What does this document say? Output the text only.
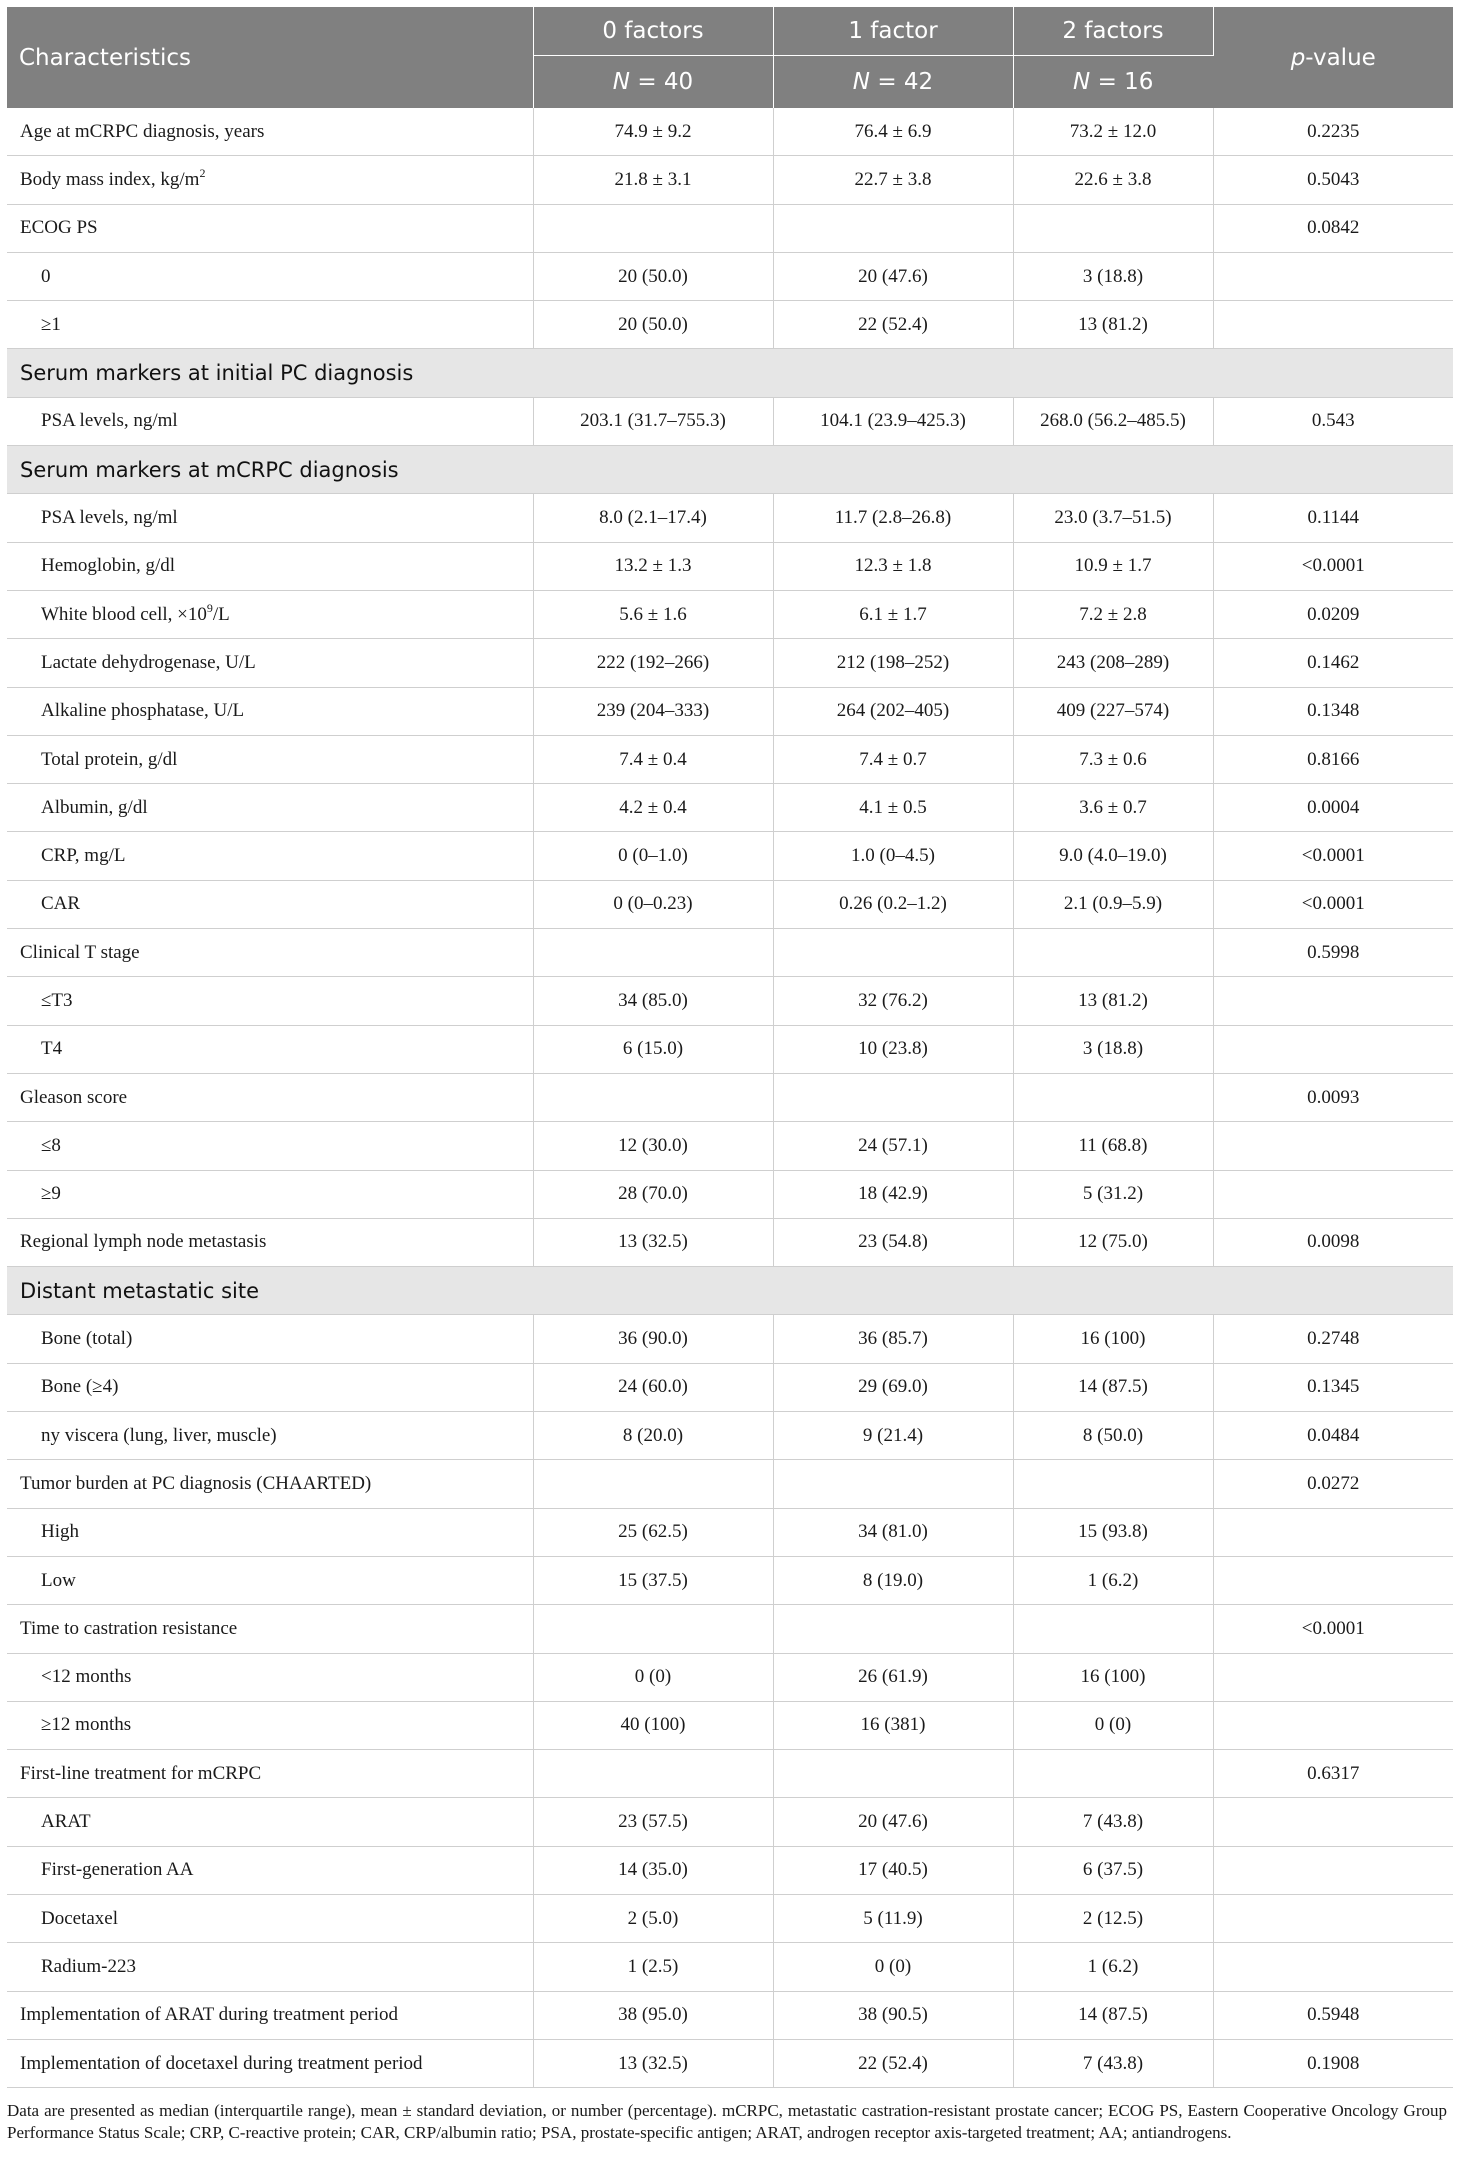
Characteristics	0 factors	1 factor	2 factors	p-value
	N = 40	N = 42	N = 16	
Age at mCRPC diagnosis, years	74.9 ± 9.2	76.4 ± 6.9	73.2 ± 12.0	0.2235
Body mass index, $kg/m^2$	21.8 ± 3.1	22.7 ± 3.8	22.6 ± 3.8	0.5043
ECOG PS				0.0842
0	20 (50.0)	20 (47.6)	3 (18.8)	
≥1	20 (50.0)	22 (52.4)	13 (81.2)	
Serum markers at initial PC diagnosis				
PSA levels, ng/ml	203.1 (31.7–755.3)	104.1 (23.9–425.3)	268.0 (56.2–485.5)	0.543
Serum markers at mCRPC diagnosis				
PSA levels, ng/ml	8.0 (2.1–17.4)	11.7 (2.8–26.8)	23.0 (3.7–51.5)	0.1144
Hemoglobin, g/dl	13.2 ± 1.3	12.3 ± 1.8	10.9 ± 1.7	<0.0001
White blood cell, $\times 10^9/L$	5.6 ± 1.6	6.1 ± 1.7	7.2 ± 2.8	0.0209
Lactate dehydrogenase, U/L	222 (192–266)	212 (198–252)	243 (208–289)	0.1462
Alkaline phosphatase, U/L	239 (204–333)	264 (202–405)	409 (227–574)	0.1348
Total protein, g/dl	7.4 ± 0.4	7.4 ± 0.7	7.3 ± 0.6	0.8166
Albumin, g/dl	4.2 ± 0.4	4.1 ± 0.5	3.6 ± 0.7	0.0004
CRP, mg/L	0 (0–1.0)	1.0 (0–4.5)	9.0 (4.0–19.0)	<0.0001
CAR	0 (0–0.23)	0.26 (0.2–1.2)	2.1 (0.9–5.9)	<0.0001
Clinical T stage				0.5998
≤T3	34 (85.0)	32 (76.2)	13 (81.2)	
T4	6 (15.0)	10 (23.8)	3 (18.8)	
Gleason score				0.0093
≤8	12 (30.0)	24 (57.1)	11 (68.8)	
≥9	28 (70.0)	18 (42.9)	5 (31.2)	
Regional lymph node metastasis	13 (32.5)	23 (54.8)	12 (75.0)	0.0098
Distant metastatic site				
Bone (total)	36 (90.0)	36 (85.7)	16 (100)	0.2748
Bone (≥4)	24 (60.0)	29 (69.0)	14 (87.5)	0.1345
ny viscera (lung, liver, muscle)	8 (20.0)	9 (21.4)	8 (50.0)	0.0484
Tumor burden at PC diagnosis (CHAARTED)				0.0272
High	25 (62.5)	34 (81.0)	15 (93.8)	
Low	15 (37.5)	8 (19.0)	1 (6.2)	
Time to castration resistance				<0.0001
<12 months	0 (0)	26 (61.9)	16 (100)	
≥12 months	40 (100)	16 (381)	0 (0)	
First-line treatment for mCRPC				0.6317
ARAT	23 (57.5)	20 (47.6)	7 (43.8)	
First-generation AA	14 (35.0)	17 (40.5)	6 (37.5)	
Docetaxel	2 (5.0)	5 (11.9)	2 (12.5)	
Radium-223	1 (2.5)	0 (0)	1 (6.2)	
Implementation of ARAT during treatment period	38 (95.0)	38 (90.5)	14 (87.5)	0.5948
Implementation of docetaxel during treatment period	13 (32.5)	22 (52.4)	7 (43.8)	0.1908

Data are presented as median (interquartile range), mean ± standard deviation, or number (percentage). mCRPC, metastatic castration-resistant prostate cancer; ECOG PS, Eastern Cooperative Oncology Group Performance Status Scale; CRP, C-reactive protein; CAR, CRP/albumin ratio; PSA, prostate-specific antigen; ARAT, androgen receptor axis-targeted treatment; AA; antiandrogens.
